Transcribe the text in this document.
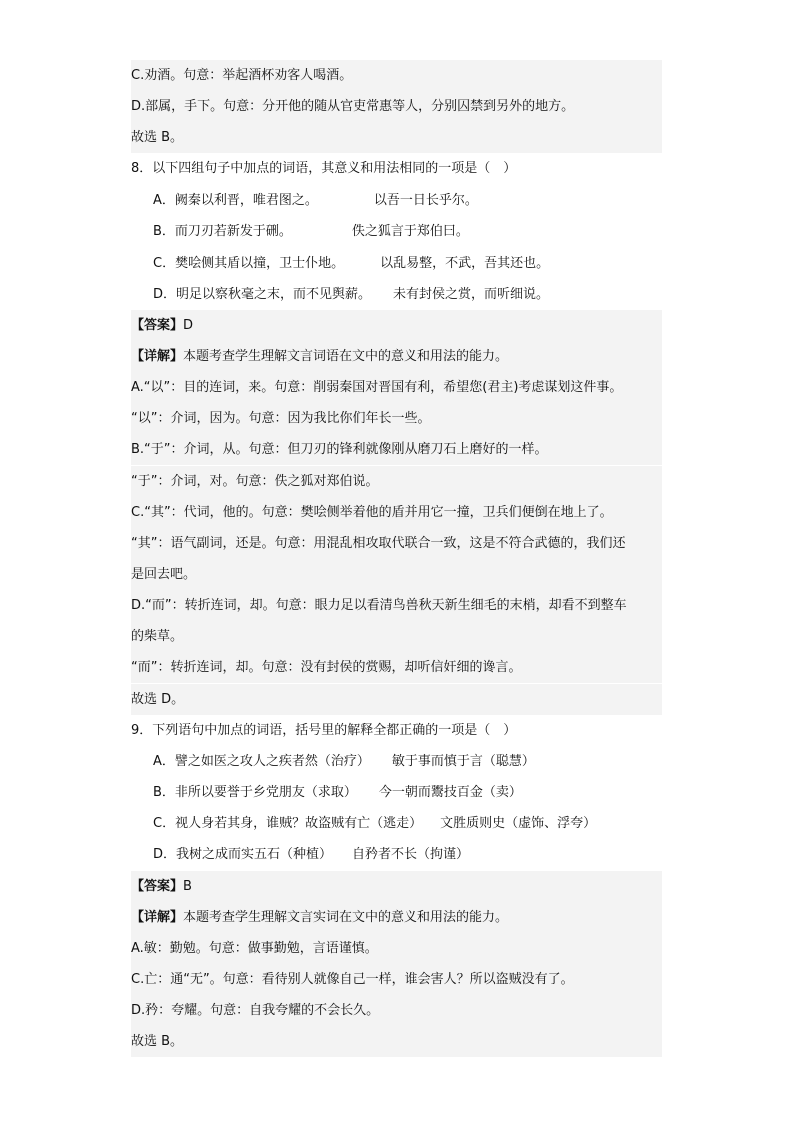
C.劝酒。句意：举起酒杯劝客人喝酒。
D.部属，手下。句意：分开他的随从官吏常惠等人，分别囚禁到另外的地方。
故选 B。
8．以下四组句子中加点的词语，其意义和用法相同的一项是（　）
A．阙秦以利晋，唯君图之。	以吾一日长乎尔。
B．而刀刃若新发于硎。	佚之狐言于郑伯曰。
C．樊哙侧其盾以撞，卫士仆地。	以乱易整，不武，吾其还也。
D．明足以察秋毫之末，而不见舆薪。 未有封侯之赏，而听细说。
【答案】D
【详解】本题考查学生理解文言词语在文中的意义和用法的能力。
A.“以”：目的连词，来。句意：削弱秦国对晋国有利，希望您(君主)考虑谋划这件事。
“以”：介词，因为。句意：因为我比你们年长一些。
B.“于”：介词，从。句意：但刀刃的锋利就像刚从磨刀石上磨好的一样。
“于”：介词，对。句意：佚之狐对郑伯说。
C.“其”：代词，他的。句意：樊哙侧举着他的盾并用它一撞，卫兵们便倒在地上了。
“其”：语气副词，还是。句意：用混乱相攻取代联合一致，这是不符合武德的，我们还
是回去吧。
D.“而”：转折连词，却。句意：眼力足以看清鸟兽秋天新生细毛的末梢，却看不到整车
的柴草。
“而”：转折连词，却。句意：没有封侯的赏赐，却听信奸细的谗言。
故选 D。
9．下列语句中加点的词语，括号里的解释全都正确的一项是（　）
A．譬之如医之攻人之疾者然（治疗） 敏于事而慎于言（聪慧）
B．非所以要誉于乡党朋友（求取） 今一朝而鬻技百金（卖）
C．视人身若其身，谁贼？故盗贼有亡（逃走） 文胜质则史（虚饰、浮夸）
D．我树之成而实五石（种植） 自矜者不长（拘谨）
【答案】B
【详解】本题考查学生理解文言实词在文中的意义和用法的能力。
A.敏：勤勉。句意：做事勤勉，言语谨慎。
C.亡：通“无”。句意：看待别人就像自己一样，谁会害人？所以盗贼没有了。
D.矜：夸耀。句意：自我夸耀的不会长久。
故选 B。
